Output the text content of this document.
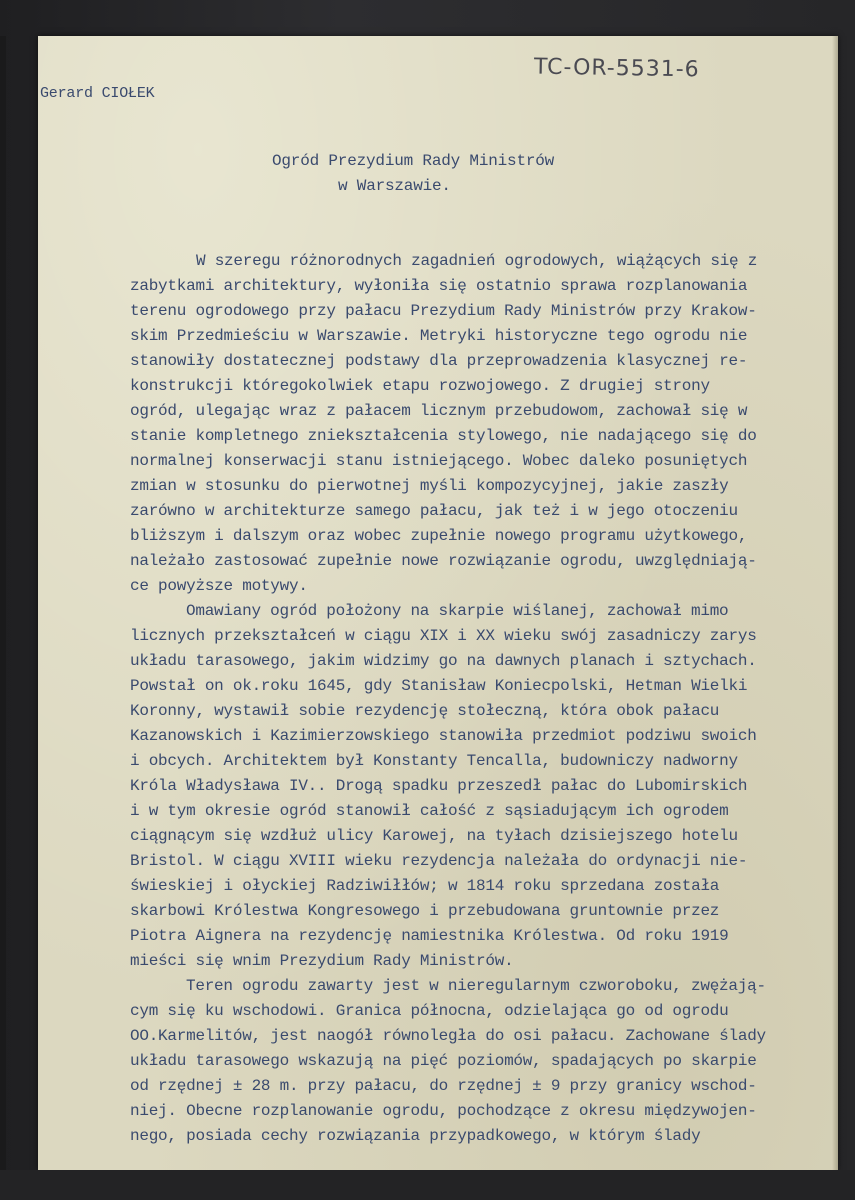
Gerard CIOŁEK
TC-OR-5531-6
Ogród Prezydium Rady Ministrów
w Warszawie.
W szeregu różnorodnych zagadnień ogrodowych, wiążących się z
zabytkami architektury, wyłoniła się ostatnio sprawa rozplanowania
terenu ogrodowego przy pałacu Prezydium Rady Ministrów przy Krakow-
skim Przedmieściu w Warszawie. Metryki historyczne tego ogrodu nie
stanowiły dostatecznej podstawy dla przeprowadzenia klasycznej re-
konstrukcji któregokolwiek etapu rozwojowego. Z drugiej strony
ogród, ulegając wraz z pałacem licznym przebudowom, zachował się w
stanie kompletnego zniekształcenia stylowego, nie nadającego się do
normalnej konserwacji stanu istniejącego. Wobec daleko posuniętych
zmian w stosunku do pierwotnej myśli kompozycyjnej, jakie zaszły
zarówno w architekturze samego pałacu, jak też i w jego otoczeniu
bliższym i dalszym oraz wobec zupełnie nowego programu użytkowego,
należało zastosować zupełnie nowe rozwiązanie ogrodu, uwzględniają-
ce powyższe motywy.
Omawiany ogród położony na skarpie wiślanej, zachował mimo
licznych przekształceń w ciągu XIX i XX wieku swój zasadniczy zarys
układu tarasowego, jakim widzimy go na dawnych planach i sztychach.
Powstał on ok.roku 1645, gdy Stanisław Koniecpolski, Hetman Wielki
Koronny, wystawił sobie rezydencję stołeczną, która obok pałacu
Kazanowskich i Kazimierzowskiego stanowiła przedmiot podziwu swoich
i obcych. Architektem był Konstanty Tencalla, budowniczy nadworny
Króla Władysława IV.. Drogą spadku przeszedł pałac do Lubomirskich
i w tym okresie ogród stanowił całość z sąsiadującym ich ogrodem
ciągnącym się wzdłuż ulicy Karowej, na tyłach dzisiejszego hotelu
Bristol. W ciągu XVIII wieku rezydencja należała do ordynacji nie-
świeskiej i ołyckiej Radziwiłłów; w 1814 roku sprzedana została
skarbowi Królestwa Kongresowego i przebudowana gruntownie przez
Piotra Aignera na rezydencję namiestnika Królestwa. Od roku 1919
mieści się wnim Prezydium Rady Ministrów.
Teren ogrodu zawarty jest w nieregularnym czworoboku, zwężają-
cym się ku wschodowi. Granica północna, odzielająca go od ogrodu
OO.Karmelitów, jest naogół równoległa do osi pałacu. Zachowane ślady
układu tarasowego wskazują na pięć poziomów, spadających po skarpie
od rzędnej ± 28 m. przy pałacu, do rzędnej ± 9 przy granicy wschod-
niej. Obecne rozplanowanie ogrodu, pochodzące z okresu międzywojen-
nego, posiada cechy rozwiązania przypadkowego, w którym ślady
